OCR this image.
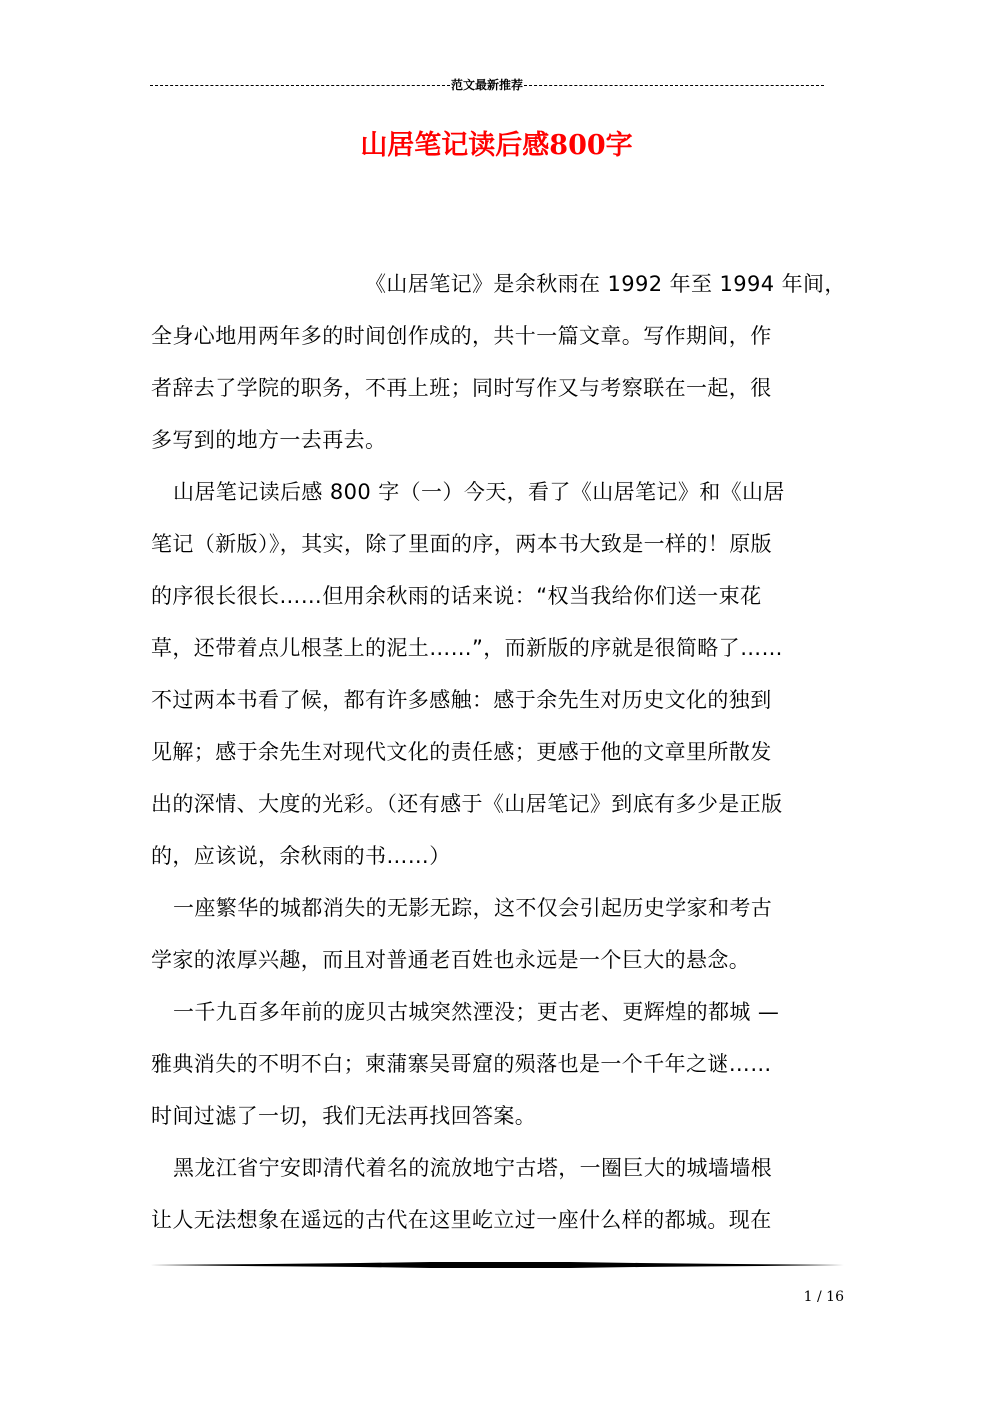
范文最新推荐
山居笔记读后感800字
《山居笔记》是余秋雨在 1992 年至 1994 年间，
全身心地用两年多的时间创作成的，共十一篇文章。写作期间，作
者辞去了学院的职务，不再上班；同时写作又与考察联在一起，很
多写到的地方一去再去。
山居笔记读后感 800 字（一）今天，看了《山居笔记》和《山居
笔记（新版）》，其实，除了里面的序，两本书大致是一样的！原版
的序很长很长……但用余秋雨的话来说：“权当我给你们送一束花
草，还带着点儿根茎上的泥土……”，而新版的序就是很简略了……
不过两本书看了候，都有许多感触：感于余先生对历史文化的独到
见解；感于余先生对现代文化的责任感；更感于他的文章里所散发
出的深情、大度的光彩。（还有感于《山居笔记》到底有多少是正版
的，应该说，余秋雨的书……）
一座繁华的城都消失的无影无踪，这不仅会引起历史学家和考古
学家的浓厚兴趣，而且对普通老百姓也永远是一个巨大的悬念。
一千九百多年前的庞贝古城突然湮没；更古老、更辉煌的都城 —
雅典消失的不明不白；柬蒲寨吴哥窟的殒落也是一个千年之谜……
时间过滤了一切，我们无法再找回答案。
黑龙江省宁安即清代着名的流放地宁古塔，一圈巨大的城墙墙根
让人无法想象在遥远的古代在这里屹立过一座什么样的都城。现在
1 / 16
